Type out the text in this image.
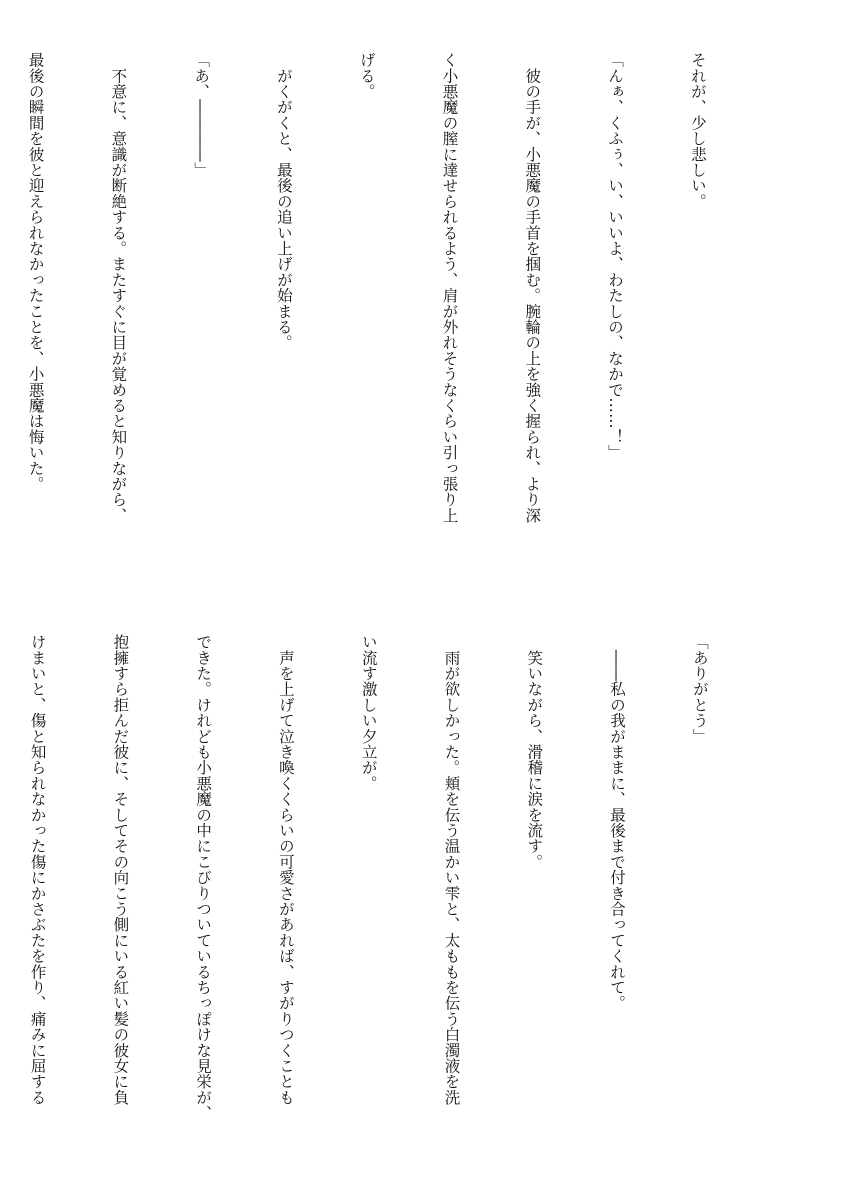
それが、少し悲しい。

「んぁ、くふぅ、い、いいよ、わたしの、なかで……！」

　彼の手が、小悪魔の手首を掴む。腕輪の上を強く握られ、より深

く小悪魔の膣に達せられるよう、肩が外れそうなくらい引っ張り上

げる。

　がくがくと、最後の追い上げが始まる。

「あ、――――」

　不意に、意識が断絶する。またすぐに目が覚めると知りながら、

最後の瞬間を彼と迎えられなかったことを、小悪魔は悔いた。

「ありがとう」

　――私の我がままに、最後まで付き合ってくれて。

　笑いながら、滑稽に涙を流す。

　雨が欲しかった。頬を伝う温かい雫と、太ももを伝う白濁液を洗

い流す激しい夕立が。

　声を上げて泣き喚くくらいの可愛さがあれば、すがりつくことも

できた。けれども小悪魔の中にこびりついているちっぽけな見栄が、

抱擁すら拒んだ彼に、そしてその向こう側にいる紅い髪の彼女に負

けまいと、傷と知られなかった傷にかさぶたを作り、痛みに屈する
